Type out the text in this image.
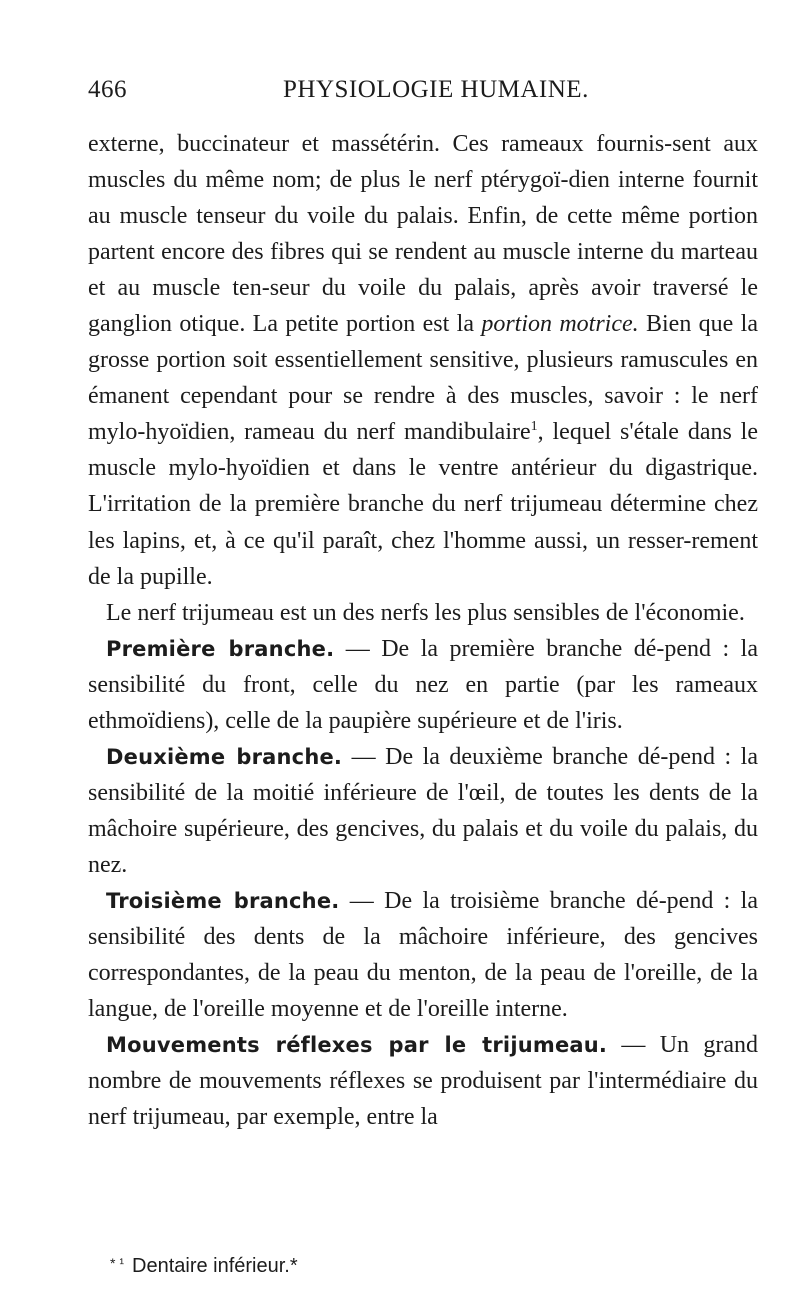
466	PHYSIOLOGIE HUMAINE.

externe, buccinateur et massétérin. Ces rameaux fournis-sent aux muscles du même nom; de plus le nerf ptérygoï-dien interne fournit au muscle tenseur du voile du palais. Enfin, de cette même portion partent encore des fibres qui se rendent au muscle interne du marteau et au muscle ten-seur du voile du palais, après avoir traversé le ganglion otique. La petite portion est la portion motrice. Bien que la grosse portion soit essentiellement sensitive, plusieurs ramuscules en émanent cependant pour se rendre à des muscles, savoir : le nerf mylo-hyoïdien, rameau du nerf mandibulaire$^1$, lequel s'étale dans le muscle mylo-hyoïdien et dans le ventre antérieur du digastrique. L'irritation de la première branche du nerf trijumeau détermine chez les lapins, et, à ce qu'il paraît, chez l'homme aussi, un resser-rement de la pupille.

Le nerf trijumeau est un des nerfs les plus sensibles de l'économie.

Première branche. — De la première branche dé-pend : la sensibilité du front, celle du nez en partie (par les rameaux ethmoïdiens), celle de la paupière supérieure et de l'iris.

Deuxième branche. — De la deuxième branche dé-pend : la sensibilité de la moitié inférieure de l'œil, de toutes les dents de la mâchoire supérieure, des gencives, du palais et du voile du palais, du nez.

Troisième branche. — De la troisième branche dé-pend : la sensibilité des dents de la mâchoire inférieure, des gencives correspondantes, de la peau du menton, de la peau de l'oreille, de la langue, de l'oreille moyenne et de l'oreille interne.

Mouvements réflexes par le trijumeau. — Un grand nombre de mouvements réflexes se produisent par l'intermédiaire du nerf trijumeau, par exemple, entre la

$^{* ^1}$ Dentaire inférieur.*
